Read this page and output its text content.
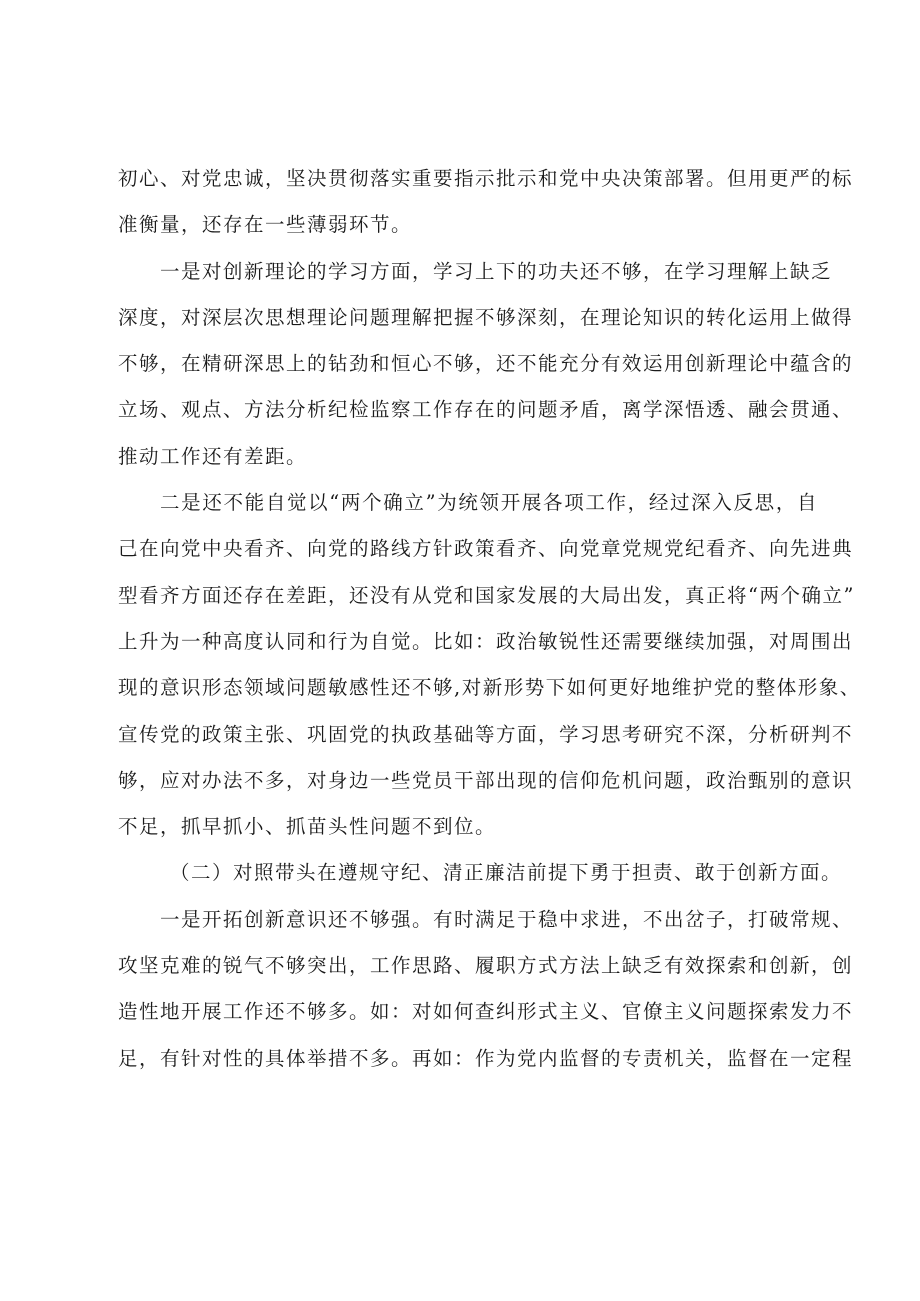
初心、对党忠诚，坚决贯彻落实重要指示批示和党中央决策部署。但用更严的标
准衡量，还存在一些薄弱环节。
一是对创新理论的学习方面，学习上下的功夫还不够，在学习理解上缺乏
深度，对深层次思想理论问题理解把握不够深刻，在理论知识的转化运用上做得
不够，在精研深思上的钻劲和恒心不够，还不能充分有效运用创新理论中蕴含的
立场、观点、方法分析纪检监察工作存在的问题矛盾，离学深悟透、融会贯通、
推动工作还有差距。
二是还不能自觉以“两个确立”为统领开展各项工作，经过深入反思，自
己在向党中央看齐、向党的路线方针政策看齐、向党章党规党纪看齐、向先进典
型看齐方面还存在差距，还没有从党和国家发展的大局出发，真正将“两个确立”
上升为一种高度认同和行为自觉。比如：政治敏锐性还需要继续加强，对周围出
现的意识形态领域问题敏感性还不够,对新形势下如何更好地维护党的整体形象、
宣传党的政策主张、巩固党的执政基础等方面，学习思考研究不深，分析研判不
够，应对办法不多，对身边一些党员干部出现的信仰危机问题，政治甄别的意识
不足，抓早抓小、抓苗头性问题不到位。
（二）对照带头在遵规守纪、清正廉洁前提下勇于担责、敢于创新方面。
一是开拓创新意识还不够强。有时满足于稳中求进，不出岔子，打破常规、
攻坚克难的锐气不够突出，工作思路、履职方式方法上缺乏有效探索和创新，创
造性地开展工作还不够多。如：对如何查纠形式主义、官僚主义问题探索发力不
足，有针对性的具体举措不多。再如：作为党内监督的专责机关，监督在一定程
